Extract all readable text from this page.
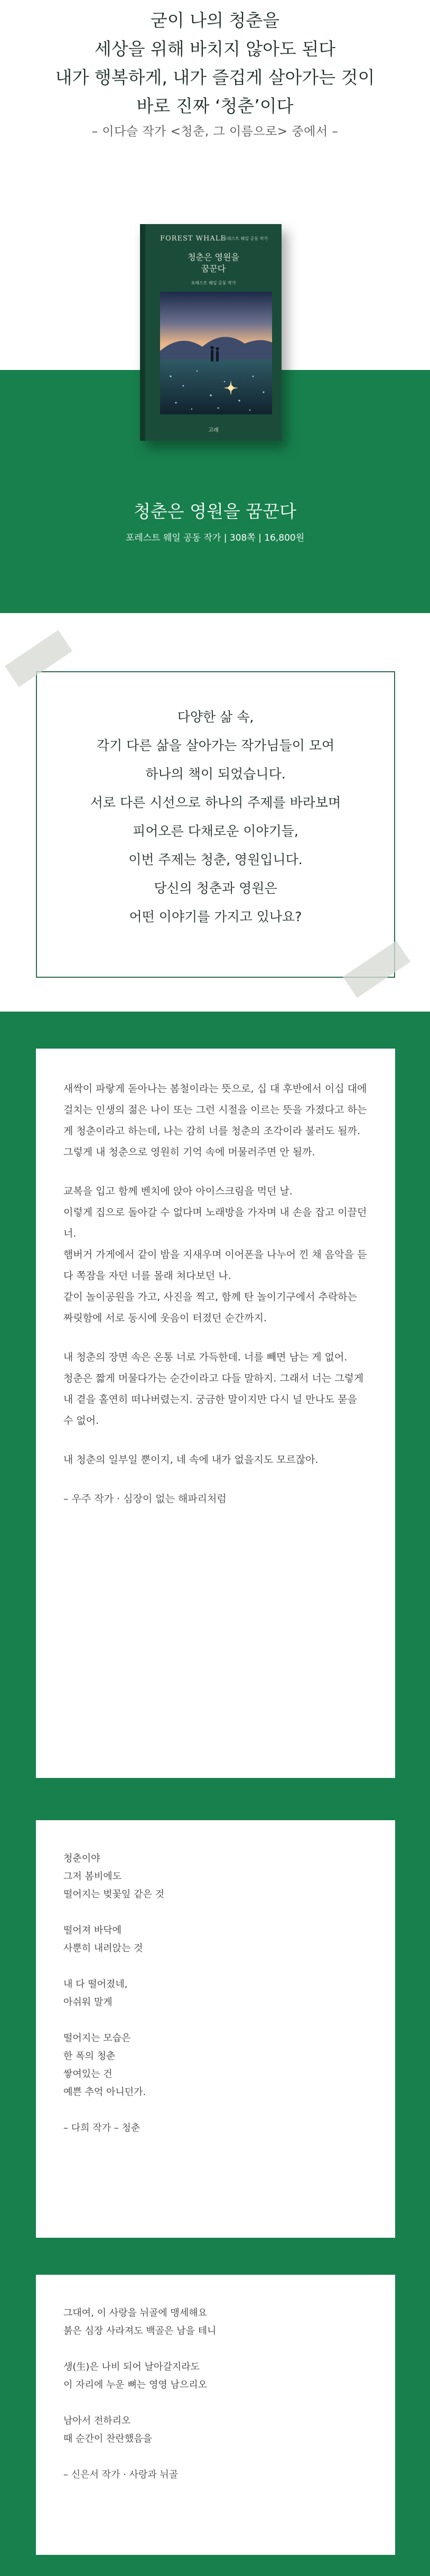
굳이 나의 청춘을
세상을 위해 바치지 않아도 된다
내가 행복하게, 내가 즐겁게 살아가는 것이
바로 진짜 ‘청춘’이다
– 이다슬 작가 <청춘, 그 이름으로> 중에서 –
FOREST WHALE
포레스트 웨일 공동 작가
청춘은 영원을
꿈꾼다
포레스트 웨일 공동 작가
고래
청춘은 영원을 꿈꾼다
포레스트 웨일 공동 작가 | 308쪽 | 16,800원
다양한 삶 속,
각기 다른 삶을 살아가는 작가님들이 모여
하나의 책이 되었습니다.
서로 다른 시선으로 하나의 주제를 바라보며
피어오른 다채로운 이야기들,
이번 주제는 청춘, 영원입니다.
당신의 청춘과 영원은
어떤 이야기를 가지고 있나요?

새싹이 파랗게 돋아나는 봄철이라는 뜻으로, 십 대 후반에서 이십 대에 걸치는 인생의 젊은 나이 또는 그런 시절을 이르는 뜻을 가졌다고 하는 게 청춘이라고 하는데, 나는 감히 너를 청춘의 조각이라 불러도 될까. 그렇게 내 청춘으로 영원히 기억 속에 머물러주면 안 될까.

교복을 입고 함께 벤치에 앉아 아이스크림을 먹던 날.

이렇게 집으로 돌아갈 수 없다며 노래방을 가자며 내 손을 잡고 이끌던 너.

햄버거 가게에서 같이 밤을 지새우며 이어폰을 나누어 낀 채 음악을 듣다 쪽잠을 자던 너를 몰래 쳐다보던 나.

같이 놀이공원을 가고, 사진을 찍고, 함께 탄 놀이기구에서 추락하는 짜릿함에 서로 동시에 웃음이 터졌던 순간까지.

내 청춘의 장면 속은 온통 너로 가득한데. 너를 빼면 남는 게 없어.

청춘은 짧게 머물다가는 순간이라고 다들 말하지. 그래서 너는 그렇게 내 곁을 홀연히 떠나버렸는지. 궁금한 말이지만 다시 널 만나도 묻을 수 없어.

내 청춘의 일부일 뿐이지, 네 속에 내가 없을지도 모르잖아.

– 우주 작가 · 심장이 없는 해파리처럼

청춘이야

그저 봄비에도

떨어지는 벚꽃잎 같은 것

떨어져 바닥에

사뿐히 내려앉는 것

내 다 떨어졌네,

아쉬워 말게

떨어지는 모습은

한 폭의 청춘

쌓여있는 건

예쁜 추억 아니던가.

– 다희 작가 – 청춘

그대여, 이 사랑을 뉘골에 맹세해요

붉은 심장 사라져도 백골은 남을 테니

생(生)은 나비 되어 날아갈지라도

이 자리에 누운 뼈는 영영 남으리오

남아서 전하리오

때 순간이 찬란했음을

– 신은서 작가 · 사랑과 뉘골
